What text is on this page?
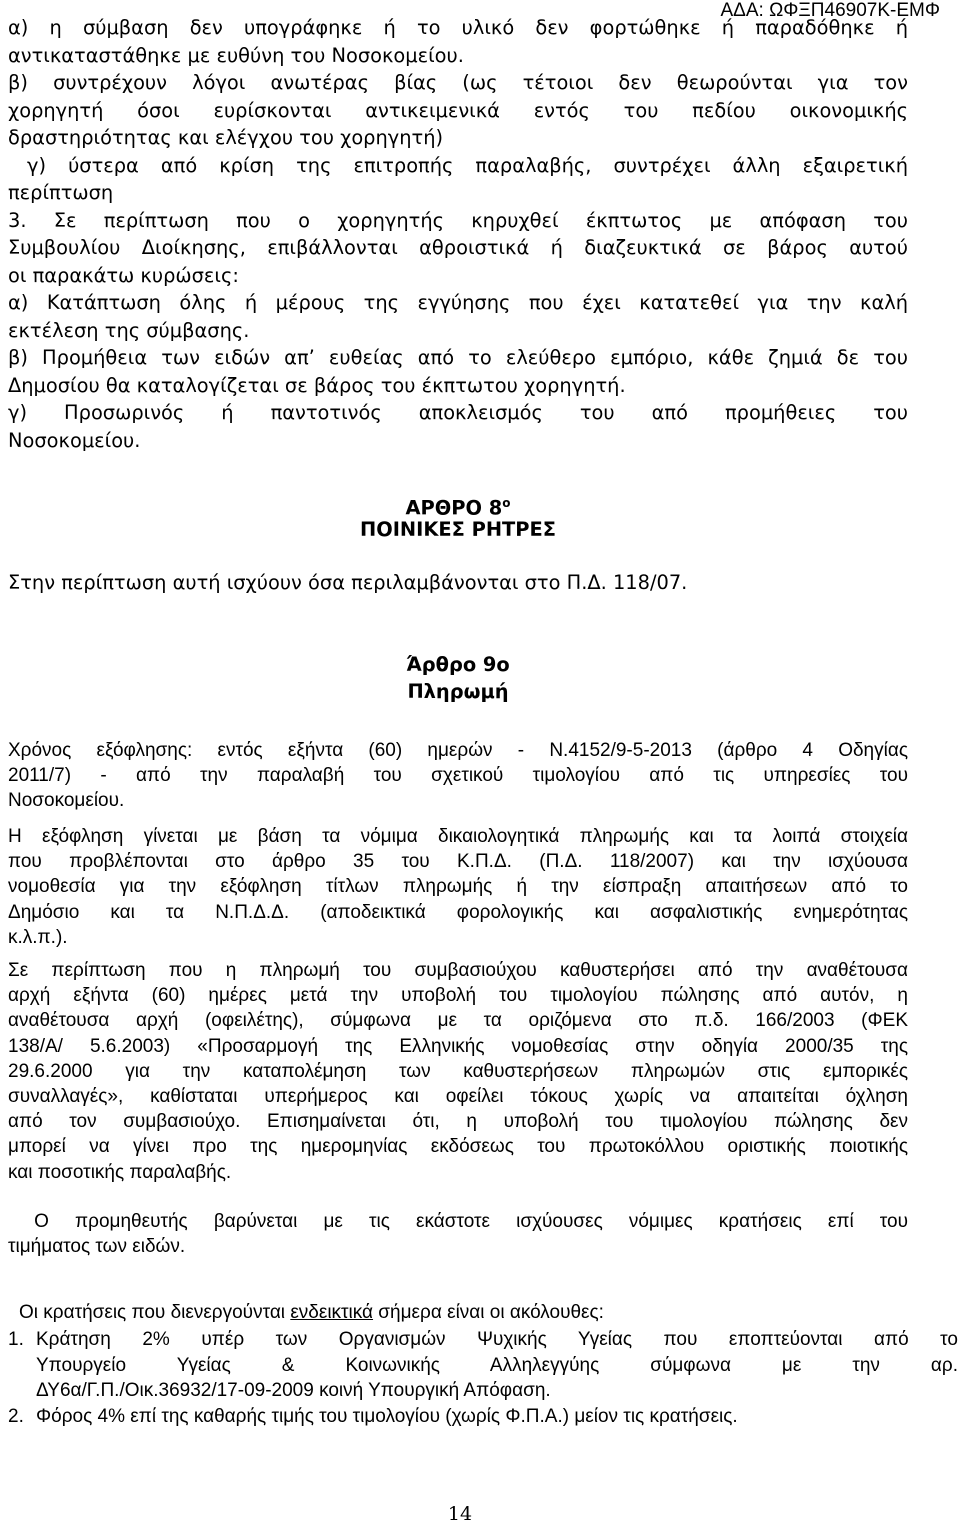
ΑΔΑ: ΩΦΞΠ46907Κ-ΕΜΦ
α) η σύμβαση δεν υπογράφηκε ή το υλικό δεν φορτώθηκε ή παραδόθηκε ή
αντικαταστάθηκε με ευθύνη του Νοσοκομείου.
β) συντρέχουν λόγοι ανωτέρας βίας (ως τέτοιοι δεν θεωρούνται για τον
χορηγητή όσοι ευρίσκονται αντικειμενικά εντός του πεδίου οικονομικής
δραστηριότητας και ελέγχου του χορηγητή)
γ) ύστερα από κρίση της επιτροπής παραλαβής, συντρέχει άλλη εξαιρετική
περίπτωση
3. Σε περίπτωση που ο χορηγητής κηρυχθεί έκπτωτος με απόφαση του
Συμβουλίου Διοίκησης, επιβάλλονται αθροιστικά ή διαζευκτικά σε βάρος αυτού
οι παρακάτω κυρώσεις:
α) Κατάπτωση όλης ή μέρους της εγγύησης που έχει κατατεθεί για την καλή
εκτέλεση της σύμβασης.
β) Προμήθεια των ειδών απ’ ευθείας από το ελεύθερο εμπόριο, κάθε ζημιά δε του
Δημοσίου θα καταλογίζεται σε βάρος του έκπτωτου χορηγητή.
γ) Προσωρινός ή παντοτινός αποκλεισμός του από προμήθειες του
Νοσοκομείου.
ΑΡΘΡΟ $8^o$
ΠΟΙΝΙΚΕΣ ΡΗΤΡΕΣ
Στην περίπτωση αυτή ισχύουν όσα περιλαμβάνονται στο Π.Δ. 118/07.
Άρθρο 9ο
Πληρωμή
Χρόνος εξόφλησης: εντός εξήντα (60) ημερών - Ν.4152/9-5-2013 (άρθρο 4 Οδηγίας
2011/7) - από την παραλαβή του σχετικού τιμολογίου από τις υπηρεσίες του
Νοσοκομείου.
Η εξόφληση γίνεται με βάση τα νόμιμα δικαιολογητικά πληρωμής και τα λοιπά στοιχεία
που προβλέπονται στο άρθρο 35 του Κ.Π.Δ. (Π.Δ. 118/2007) και την ισχύουσα
νομοθεσία για την εξόφληση τίτλων πληρωμής ή την είσπραξη απαιτήσεων από το
Δημόσιο και τα Ν.Π.Δ.Δ. (αποδεικτικά φορολογικής και ασφαλιστικής ενημερότητας
κ.λ.π.).
Σε περίπτωση που η πληρωμή του συμβασιούχου καθυστερήσει από την αναθέτουσα
αρχή εξήντα (60) ημέρες μετά την υποβολή του τιμολογίου πώλησης από αυτόν, η
αναθέτουσα αρχή (οφειλέτης), σύμφωνα με τα οριζόμενα στο π.δ. 166/2003 (ΦΕΚ
138/Α/ 5.6.2003) «Προσαρμογή της Ελληνικής νομοθεσίας στην οδηγία 2000/35 της
29.6.2000 για την καταπολέμηση των καθυστερήσεων πληρωμών στις εμπορικές
συναλλαγές», καθίσταται υπερήμερος και οφείλει τόκους χωρίς να απαιτείται όχληση
από τον συμβασιούχο. Επισημαίνεται ότι, η υποβολή του τιμολογίου πώλησης δεν
μπορεί να γίνει προ της ημερομηνίας εκδόσεως του πρωτοκόλλου οριστικής ποιοτικής
και ποσοτικής παραλαβής.
Ο προμηθευτής βαρύνεται με τις εκάστοτε ισχύουσες νόμιμες κρατήσεις επί του
τιμήματος των ειδών.
Οι κρατήσεις που διενεργούνται ενδεικτικά σήμερα είναι οι ακόλουθες:
1. Κράτηση 2% υπέρ των Οργανισμών Ψυχικής Υγείας που εποπτεύονται από το
Υπουργείο Υγείας & Κοινωνικής Αλληλεγγύης σύμφωνα με την αρ.
ΔΥ6α/Γ.Π./Οικ.36932/17-09-2009 κοινή Υπουργική Απόφαση.
2. Φόρος 4% επί της καθαρής τιμής του τιμολογίου (χωρίς Φ.Π.Α.) μείον τις κρατήσεις.
14
